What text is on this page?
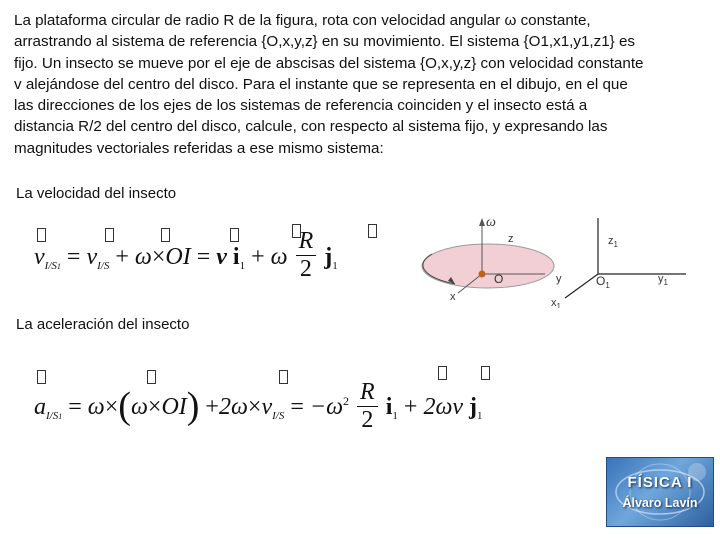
La plataforma circular de radio R de la figura, rota con velocidad angular ω constante,
arrastrando al sistema de referencia {O,x,y,z} en su movimiento. El sistema {O1,x1,y1,z1} es
fijo. Un insecto se mueve por el eje de abscisas del sistema {O,x,y,z} con velocidad constante
v alejándose del centro del disco. Para el instante que se representa en el dibujo, en el que
las direcciones de los ejes de los sistemas de referencia coinciden y el insecto está a
distancia R/2 del centro del disco, calcule, con respecto al sistema fijo, y expresando las
magnitudes vectoriales referidas a ese mismo sistema:
La velocidad del insecto
$v_{I/S1} = v_{I/S} + \omega\times OI = v$ $i_1 + \omega \frac{R}{2} j_1$
ω
z
O	y
x
$z_1$
$O_1$
$y_1$
$x_1$
La aceleración del insecto
$a_{I/S1} = \omega\times(\omega\times OI) +2\omega\times v_{I/S} = -\omega^2 \frac{R}{2} i_1 + 2\omega v$ $j_1$
FÍSICA I
Álvaro Lavín
